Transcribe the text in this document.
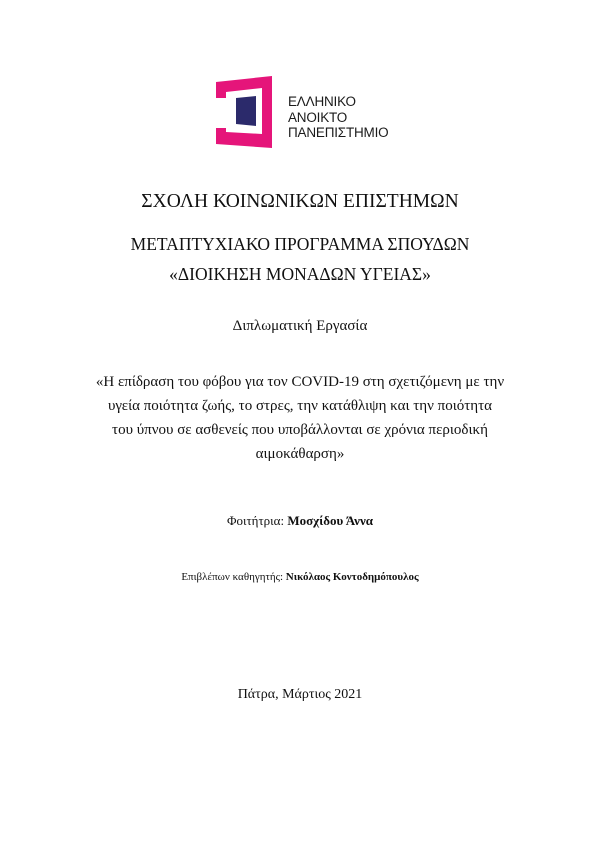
ΕΛΛΗΝΙΚΟ
ΑΝΟΙΚΤΟ
ΠΑΝΕΠΙΣΤΗΜΙΟ
ΣΧΟΛΗ ΚΟΙΝΩΝΙΚΩΝ ΕΠΙΣΤΗΜΩΝ
ΜΕΤΑΠΤΥΧΙΑΚΟ ΠΡΟΓΡΑΜΜΑ ΣΠΟΥΔΩΝ
«ΔΙΟΙΚΗΣΗ ΜΟΝΑΔΩΝ ΥΓΕΙΑΣ»
Διπλωματική Εργασία
«Η επίδραση του φόβου για τον COVID-19 στη σχετιζόμενη με την
υγεία ποιότητα ζωής, το στρες, την κατάθλιψη και την ποιότητα
του ύπνου σε ασθενείς που υποβάλλονται σε χρόνια περιοδική
αιμοκάθαρση»
Φοιτήτρια: Μοσχίδου Άννα
Επιβλέπων καθηγητής: Νικόλαος Κοντοδημόπουλος
Πάτρα, Μάρτιος 2021
